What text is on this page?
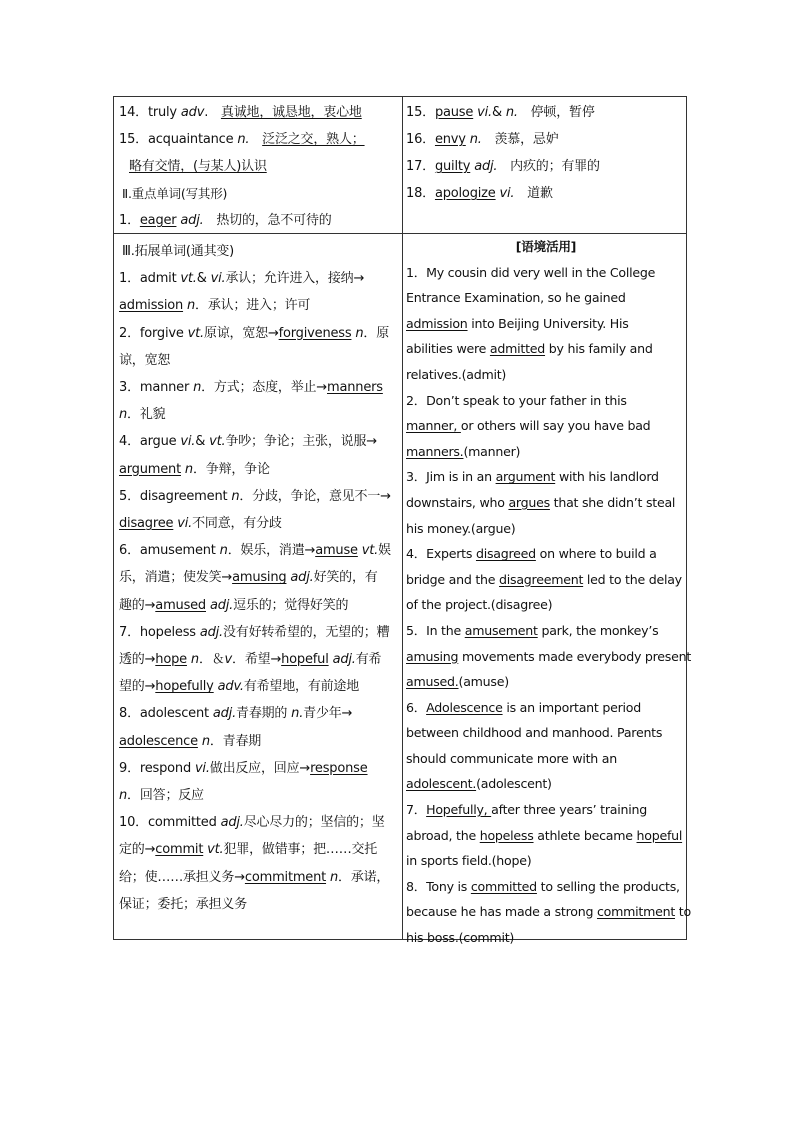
14．truly adv.　真诚地，诚恳地，衷心地
15．acquaintance n.　 泛泛之交，熟人；
略有交情，(与某人)认识
Ⅱ.重点单词(写其形)
1．eager adj.　热切的，急不可待的
15．pause vi.& n.　停顿，暂停
16．envy n.　羡慕，忌妒
17．guilty adj.　内疚的；有罪的
18．apologize vi.　道歉
Ⅲ.拓展单词(通其变)
1．admit vt.& vi.承认；允许进入，接纳→
admission n．承认；进入；许可
2．forgive vt.原谅，宽恕→forgiveness n．原
谅，宽恕
3．manner n．方式；态度，举止→manners
n．礼貌
4．argue vi.& vt.争吵；争论；主张，说服→
argument n．争辩，争论
5．disagreement n．分歧，争论，意见不一→
disagree vi.不同意，有分歧
6．amusement n．娱乐，消遣→amuse vt.娱
乐，消遣；使发笑→amusing adj.好笑的，有
趣的→amused adj.逗乐的；觉得好笑的
7．hopeless adj.没有好转希望的，无望的；糟
透的→hope n．＆v．希望→hopeful adj.有希
望的→hopefully adv.有希望地，有前途地
8．adolescent adj.青春期的 n.青少年→
adolescence n．青春期
9．respond vi.做出反应，回应→response
n．回答；反应
10．committed adj.尽心尽力的；坚信的；坚
定的→commit vt.犯罪，做错事；把……交托
给；使……承担义务→commitment n．承诺，
保证；委托；承担义务
[语境活用]
1．My cousin did very well in the College
Entrance Examination, so he gained
admission into Beijing University. His
abilities were admitted by his family and
relatives.(admit)
2．Don’t speak to your father in this
manner, or others will say you have bad
manners.(manner)
3．Jim is in an argument with his landlord
downstairs, who argues that she didn’t steal
his money.(argue)
4．Experts disagreed on where to build a
bridge and the disagreement led to the delay
of the project.(disagree)
5．In the amusement park, the monkey’s
amusing movements made everybody present
amused.(amuse)
6．Adolescence is an important period
between childhood and manhood. Parents
should communicate more with an
adolescent.(adolescent)
7．Hopefully, after three years’ training
abroad, the hopeless athlete became hopeful
in sports field.(hope)
8．Tony is committed to selling the products,
because he has made a strong commitment to
his boss.(commit)
